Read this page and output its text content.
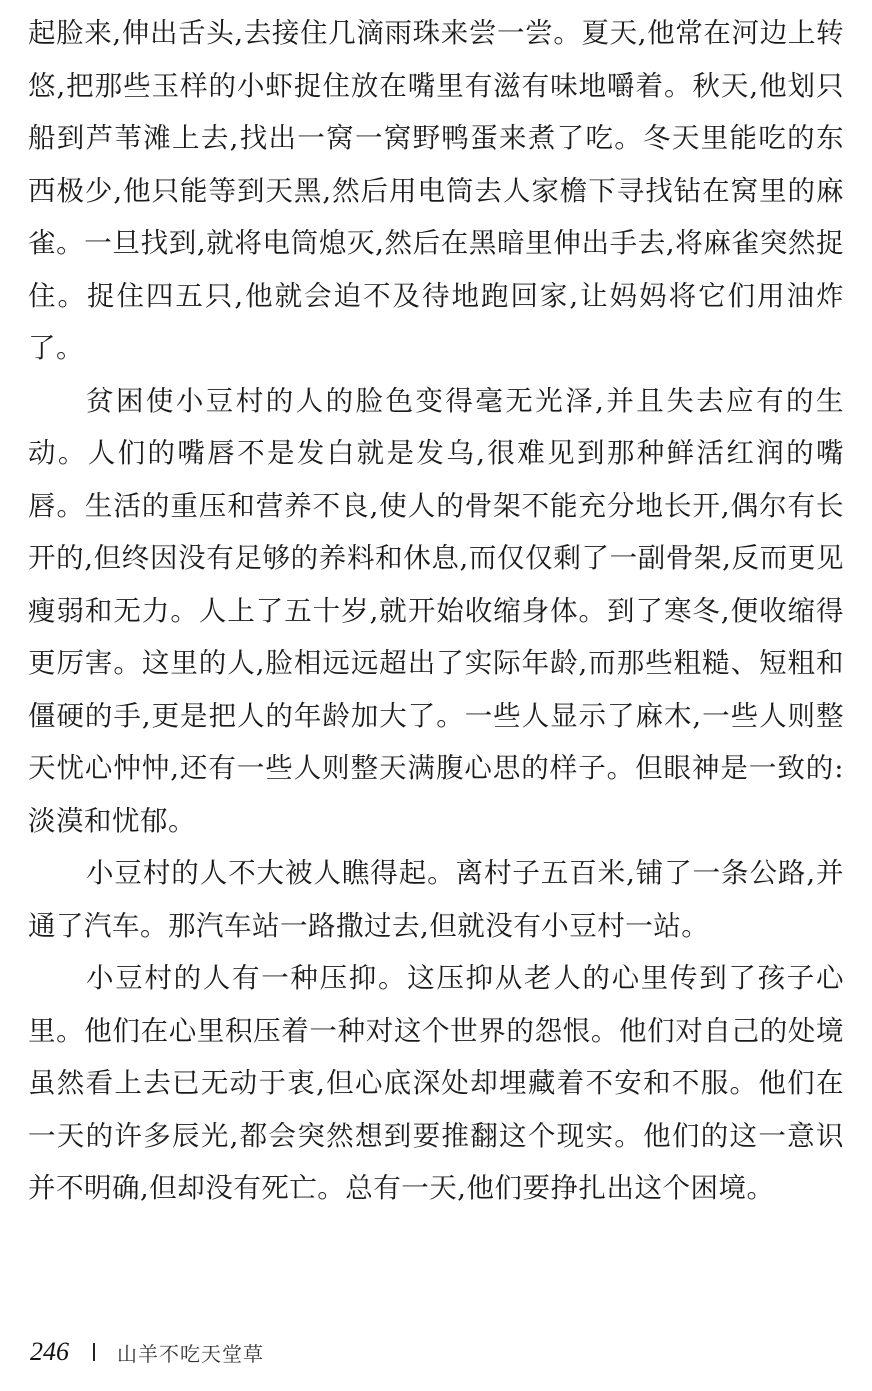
起脸来,伸出舌头,去接住几滴雨珠来尝一尝。夏天,他常在河边上转悠,把那些玉样的小虾捉住放在嘴里有滋有味地嚼着。秋天,他划只船到芦苇滩上去,找出一窝一窝野鸭蛋来煮了吃。冬天里能吃的东西极少,他只能等到天黑,然后用电筒去人家檐下寻找钻在窝里的麻雀。一旦找到,就将电筒熄灭,然后在黑暗里伸出手去,将麻雀突然捉住。捉住四五只,他就会迫不及待地跑回家,让妈妈将它们用油炸了。

贫困使小豆村的人的脸色变得毫无光泽,并且失去应有的生动。人们的嘴唇不是发白就是发乌,很难见到那种鲜活红润的嘴唇。生活的重压和营养不良,使人的骨架不能充分地长开,偶尔有长开的,但终因没有足够的养料和休息,而仅仅剩了一副骨架,反而更见瘦弱和无力。人上了五十岁,就开始收缩身体。到了寒冬,便收缩得更厉害。这里的人,脸相远远超出了实际年龄,而那些粗糙、短粗和僵硬的手,更是把人的年龄加大了。一些人显示了麻木,一些人则整天忧心忡忡,还有一些人则整天满腹心思的样子。但眼神是一致的:淡漠和忧郁。

小豆村的人不大被人瞧得起。离村子五百米,铺了一条公路,并通了汽车。那汽车站一路撒过去,但就没有小豆村一站。

小豆村的人有一种压抑。这压抑从老人的心里传到了孩子心里。他们在心里积压着一种对这个世界的怨恨。他们对自己的处境虽然看上去已无动于衷,但心底深处却埋藏着不安和不服。他们在一天的许多辰光,都会突然想到要推翻这个现实。他们的这一意识并不明确,但却没有死亡。总有一天,他们要挣扎出这个困境。

246 山羊不吃天堂草
